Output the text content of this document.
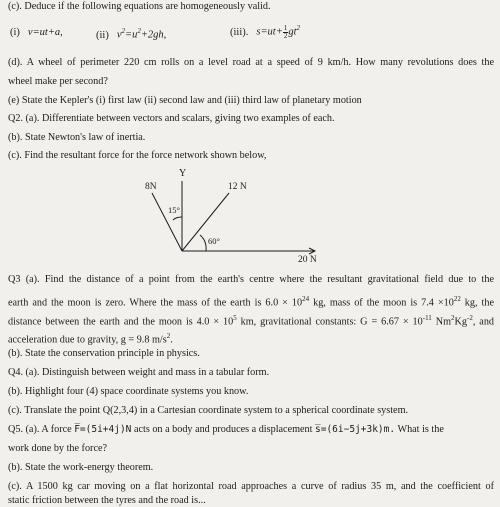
(c). Deduce if the following equations are homogeneously valid.
(i) v=ut+a,	(ii) $v^2=u^2+2gh$,	(iii). $s=ut+ \frac{1}{2} gt^2$
(d). A wheel of perimeter 220 cm rolls on a level road at a speed of 9 km/h. How many revolutions does the
wheel make per second?
(e) State the Kepler's (i) first law (ii) second law and (iii) third law of planetary motion
Q2. (a). Differentiate between vectors and scalars, giving two examples of each.
(b). State Newton's law of inertia.
(c). Find the resultant force for the force network shown below,
Y
8N	12 N
20 N
15°
60°
Q3 (a). Find the distance of a point from the earth's centre where the resultant gravitational field due to the
earth and the moon is zero. Where the mass of the earth is $6.0 \times 10^{24}$ kg, mass of the moon is $7.4 \times 10^{22}$ kg, the
distance between the earth and the moon is $4.0 \times 10^5$ km, gravitational constants: $G = 6.67 \times 10^{-11}$ $Nm^2Kg^{-2}$, and
acceleration due to gravity, g = 9.8 $m/s^2$.
(b). State the conservation principle in physics.
Q4. (a). Distinguish between weight and mass in a tabular form.
(b). Highlight four (4) space coordinate systems you know.
(c). Translate the point Q(2,3,4) in a Cartesian coordinate system to a spherical coordinate system.
Q5. (a). A force F̅=(5i+4j)N acts on a body and produces a displacement s̅=(6i−5j+3k)m. What is the
work done by the force?
(b). State the work-energy theorem.
(c). A 1500 kg car moving on a flat horizontal road approaches a curve of radius 35 m, and the coefficient of
static friction between the tyres and the road is...
